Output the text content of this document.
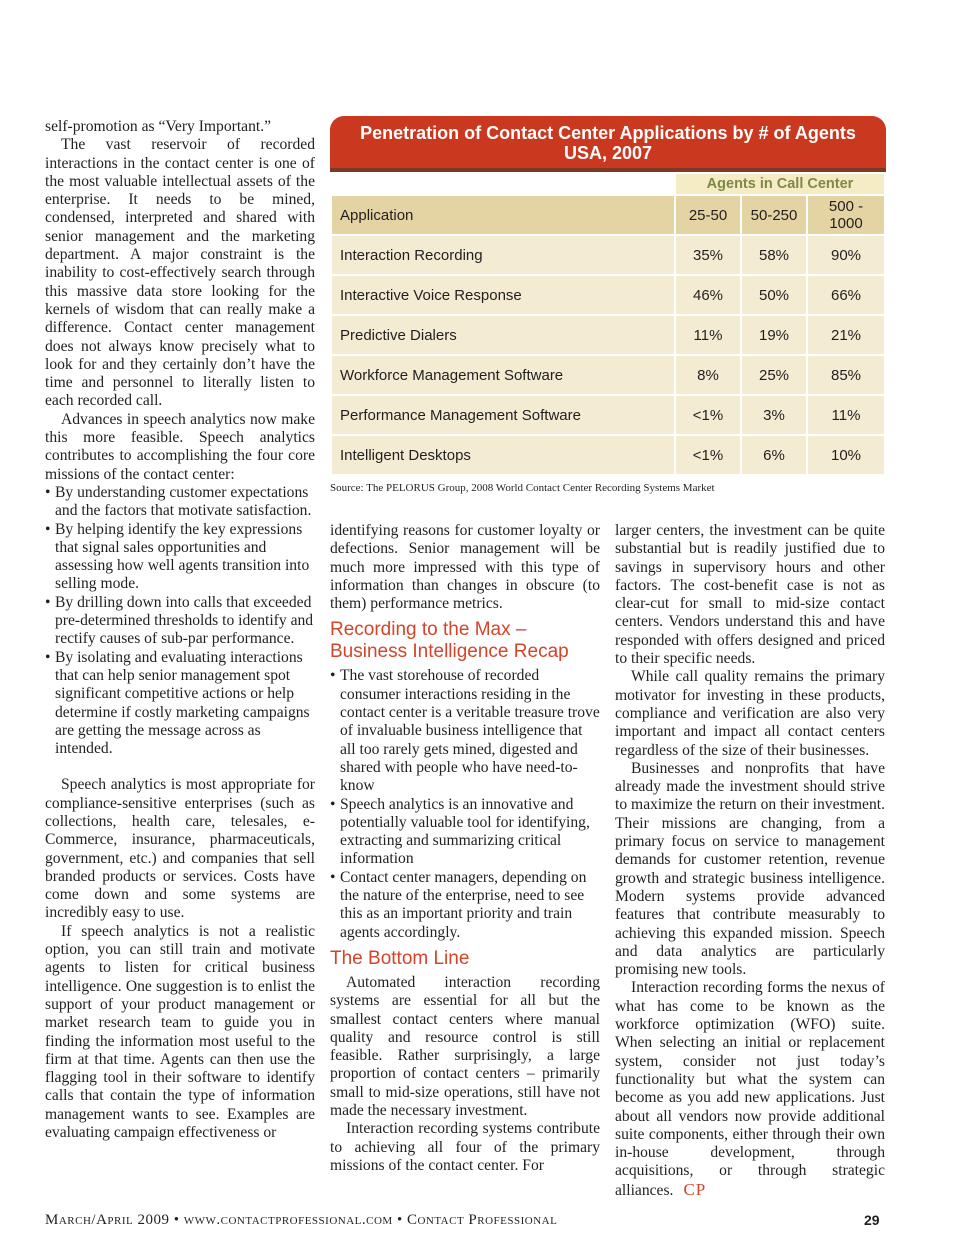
self-promotion as “Very Important.”

The vast reservoir of recorded interactions in the contact center is one of the most valuable intellectual assets of the enterprise. It needs to be mined, condensed, interpreted and shared with senior management and the marketing department. A major constraint is the inability to cost-effectively search through this massive data store looking for the kernels of wisdom that can really make a difference. Contact center management does not always know precisely what to look for and they certainly don’t have the time and personnel to literally listen to each recorded call.

Advances in speech analytics now make this more feasible. Speech analytics contributes to accomplishing the four core missions of the contact center:

• By understanding customer expectations and the factors that motivate satisfaction.
• By helping identify the key expressions that signal sales opportunities and assessing how well agents transition into selling mode.
• By drilling down into calls that exceeded pre-determined thresholds to identify and rectify causes of sub-par performance.
• By isolating and evaluating interactions that can help senior management spot significant competitive actions or help determine if costly marketing campaigns are getting the message across as intended.

Speech analytics is most appropriate for compliance-sensitive enterprises (such as collections, health care, telesales, e-Commerce, insurance, pharmaceuticals, government, etc.) and companies that sell branded products or services. Costs have come down and some systems are incredibly easy to use.

If speech analytics is not a realistic option, you can still train and motivate agents to listen for critical business intelligence. One suggestion is to enlist the support of your product management or market research team to guide you in finding the information most useful to the firm at that time. Agents can then use the flagging tool in their software to identify calls that contain the type of information management wants to see. Examples are evaluating campaign effectiveness or

Penetration of Contact Center Applications by # of Agents
USA, 2007
	Agents in Call Center		
Application	25-50	50-250	500 - 1000
Interaction Recording	35%	58%	90%
Interactive Voice Response	46%	50%	66%
Predictive Dialers	11%	19%	21%
Workforce Management Software	8%	25%	85%
Performance Management Software	<1%	3%	11%
Intelligent Desktops	<1%	6%	10%
Source: The PELORUS Group, 2008 World Contact Center Recording Systems Market

identifying reasons for customer loyalty or defections. Senior management will be much more impressed with this type of information than changes in obscure (to them) performance metrics.

Recording to the Max – Business Intelligence Recap
• The vast storehouse of recorded consumer interactions residing in the contact center is a veritable treasure trove of invaluable business intelligence that all too rarely gets mined, digested and shared with people who have need-to-know
• Speech analytics is an innovative and potentially valuable tool for identifying, extracting and summarizing critical information
• Contact center managers, depending on the nature of the enterprise, need to see this as an important priority and train agents accordingly.
The Bottom Line

Automated interaction recording systems are essential for all but the smallest contact centers where manual quality and resource control is still feasible. Rather surprisingly, a large proportion of contact centers – primarily small to mid-size operations, still have not made the necessary investment.

Interaction recording systems contribute to achieving all four of the primary missions of the contact center. For

larger centers, the investment can be quite substantial but is readily justified due to savings in supervisory hours and other factors. The cost-benefit case is not as clear-cut for small to mid-size contact centers. Vendors understand this and have responded with offers designed and priced to their specific needs.

While call quality remains the primary motivator for investing in these products, compliance and verification are also very important and impact all contact centers regardless of the size of their businesses.

Businesses and nonprofits that have already made the investment should strive to maximize the return on their investment. Their missions are changing, from a primary focus on service to management demands for customer retention, revenue growth and strategic business intelligence. Modern systems provide advanced features that contribute measurably to achieving this expanded mission. Speech and data analytics are particularly promising new tools.

Interaction recording forms the nexus of what has come to be known as the workforce optimization (WFO) suite. When selecting an initial or replacement system, consider not just today’s functionality but what the system can become as you add new applications. Just about all vendors now provide additional suite components, either through their own in-house development, through acquisitions, or through strategic alliances. CP

March/April 2009 • www.contactprofessional.com • Contact Professional	29
